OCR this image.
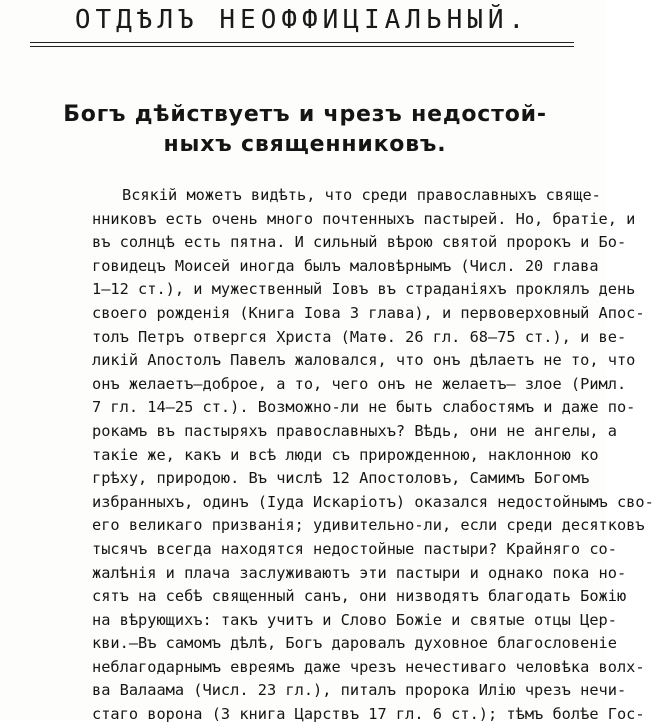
ОТДѢЛЪ НЕОФФИЦІАЛЬНЫЙ.
Богъ дѣйствуетъ и чрезъ недостой-
ныхъ священниковъ.
Всякій можетъ видѣть, что среди православныхъ свяще-
нниковъ есть очень много почтенныхъ пастырей. Но, братіе, и
въ солнцѣ есть пятна. И сильный вѣрою святой пророкъ и Бо-
говидецъ Моисей иногда былъ маловѣрнымъ (Числ. 20 глава
1—12 ст.), и мужественный Іовъ въ страданіяхъ проклялъ день
своего рожденія (Книга Іова 3 глава), и первоверховный Апос-
толъ Петръ отвергся Христа (Матѳ. 26 гл. 68—75 ст.), и ве-
ликій Апостолъ Павелъ жаловался, что онъ дѣлаетъ не то, что
онъ желаетъ—доброе, а то, чего онъ не желаетъ— злое (Римл.
7 гл. 14—25 ст.). Возможно-ли не быть слабостямъ и даже по-
рокамъ въ пастыряхъ православныхъ? Вѣдь, они не ангелы, а
такіе же, какъ и всѣ люди съ прирожденною, наклонною ко
грѣху, природою. Въ числѣ 12 Апостоловъ, Самимъ Богомъ
избранныхъ, одинъ (Іуда Искаріотъ) оказался недостойнымъ сво-
его великаго призванія; удивительно-ли, если среди десятковъ
тысячъ всегда находятся недостойные пастыри? Крайняго со-
жалѣнія и плача заслуживаютъ эти пастыри и однако пока но-
сятъ на себѣ священный санъ, они низводятъ благодать Божію
на вѣрующихъ: такъ учитъ и Слово Божіе и святые отцы Цер-
кви.—Въ самомъ дѣлѣ, Богъ даровалъ духовное благословеніе
неблагодарнымъ евреямъ даже чрезъ нечестиваго человѣка волх-
ва Валаама (Числ. 23 гл.), питалъ пророка Илію чрезъ нечи-
стаго ворона (3 книга Царствъ 17 гл. 6 ст.); тѣмъ болѣе Гос-
